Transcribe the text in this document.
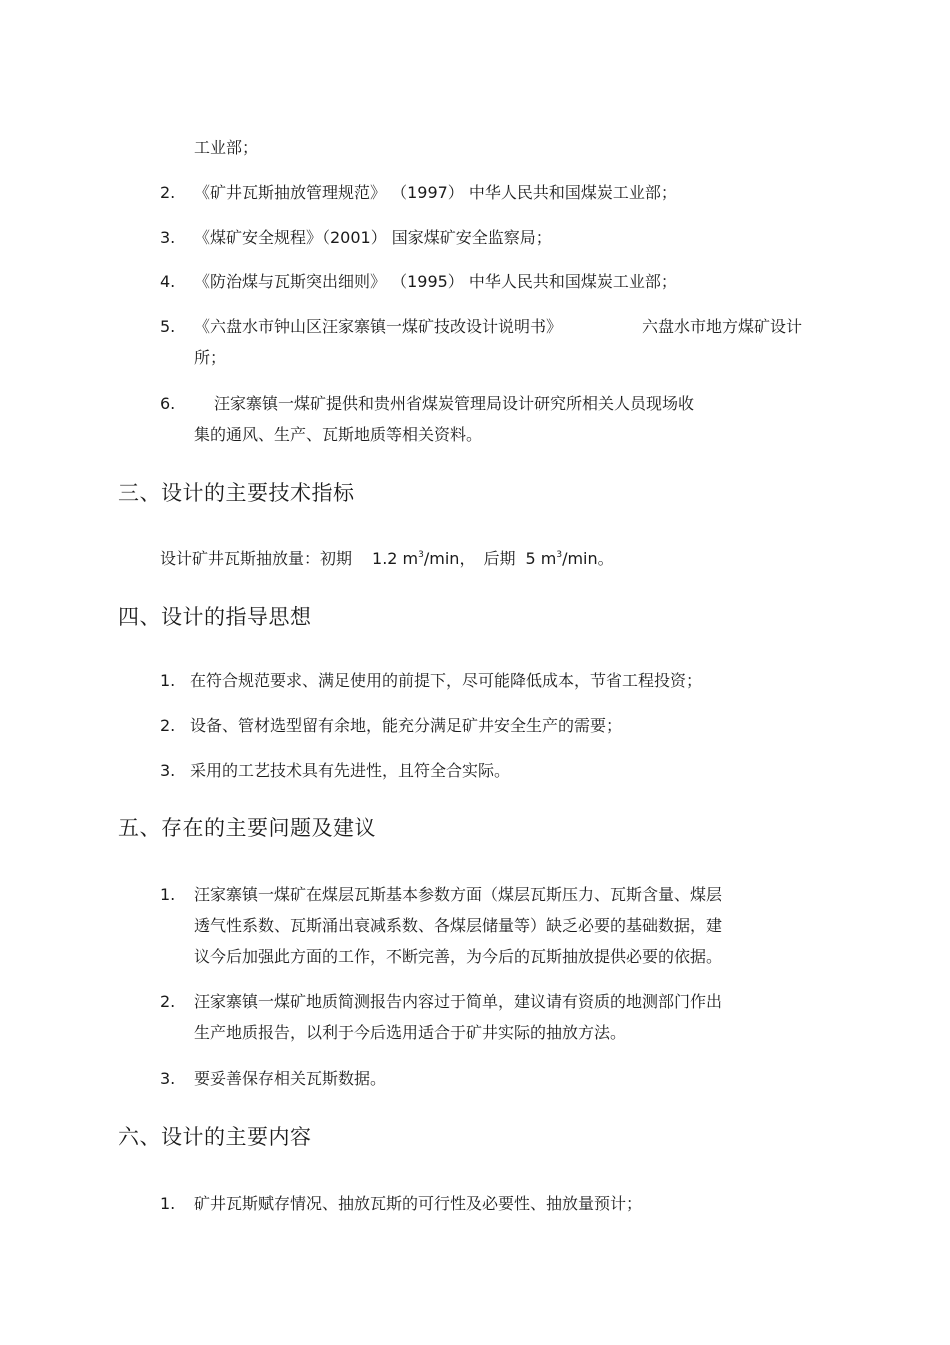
工业部；
2. 《矿井瓦斯抽放管理规范》 （1997） 中华人民共和国煤炭工业部；
3. 《煤矿安全规程》（2001） 国家煤矿安全监察局；
4. 《防治煤与瓦斯突出细则》 （1995） 中华人民共和国煤炭工业部；
5. 《六盘水市钟山区汪家寨镇一煤矿技改设计说明书》	六盘水市地方煤矿设计
所；
6. 汪家寨镇一煤矿提供和贵州省煤炭管理局设计研究所相关人员现场收
集的通风、生产、瓦斯地质等相关资料。
三、设计的主要技术指标
设计矿井瓦斯抽放量：初期 1.2 $m^3/\min$， 后期 5 $m^3/\min$。
四、设计的指导思想
1. 在符合规范要求、满足使用的前提下，尽可能降低成本，节省工程投资；
2. 设备、管材选型留有余地，能充分满足矿井安全生产的需要；
3. 采用的工艺技术具有先进性，且符全合实际。
五、存在的主要问题及建议
1. 汪家寨镇一煤矿在煤层瓦斯基本参数方面（煤层瓦斯压力、瓦斯含量、煤层
透气性系数、瓦斯涌出衰减系数、各煤层储量等）缺乏必要的基础数据，建
议今后加强此方面的工作，不断完善，为今后的瓦斯抽放提供必要的依据。
2. 汪家寨镇一煤矿地质简测报告内容过于简单，建议请有资质的地测部门作出
生产地质报告，以利于今后选用适合于矿井实际的抽放方法。
3. 要妥善保存相关瓦斯数据。
六、设计的主要内容
1. 矿井瓦斯赋存情况、抽放瓦斯的可行性及必要性、抽放量预计；
